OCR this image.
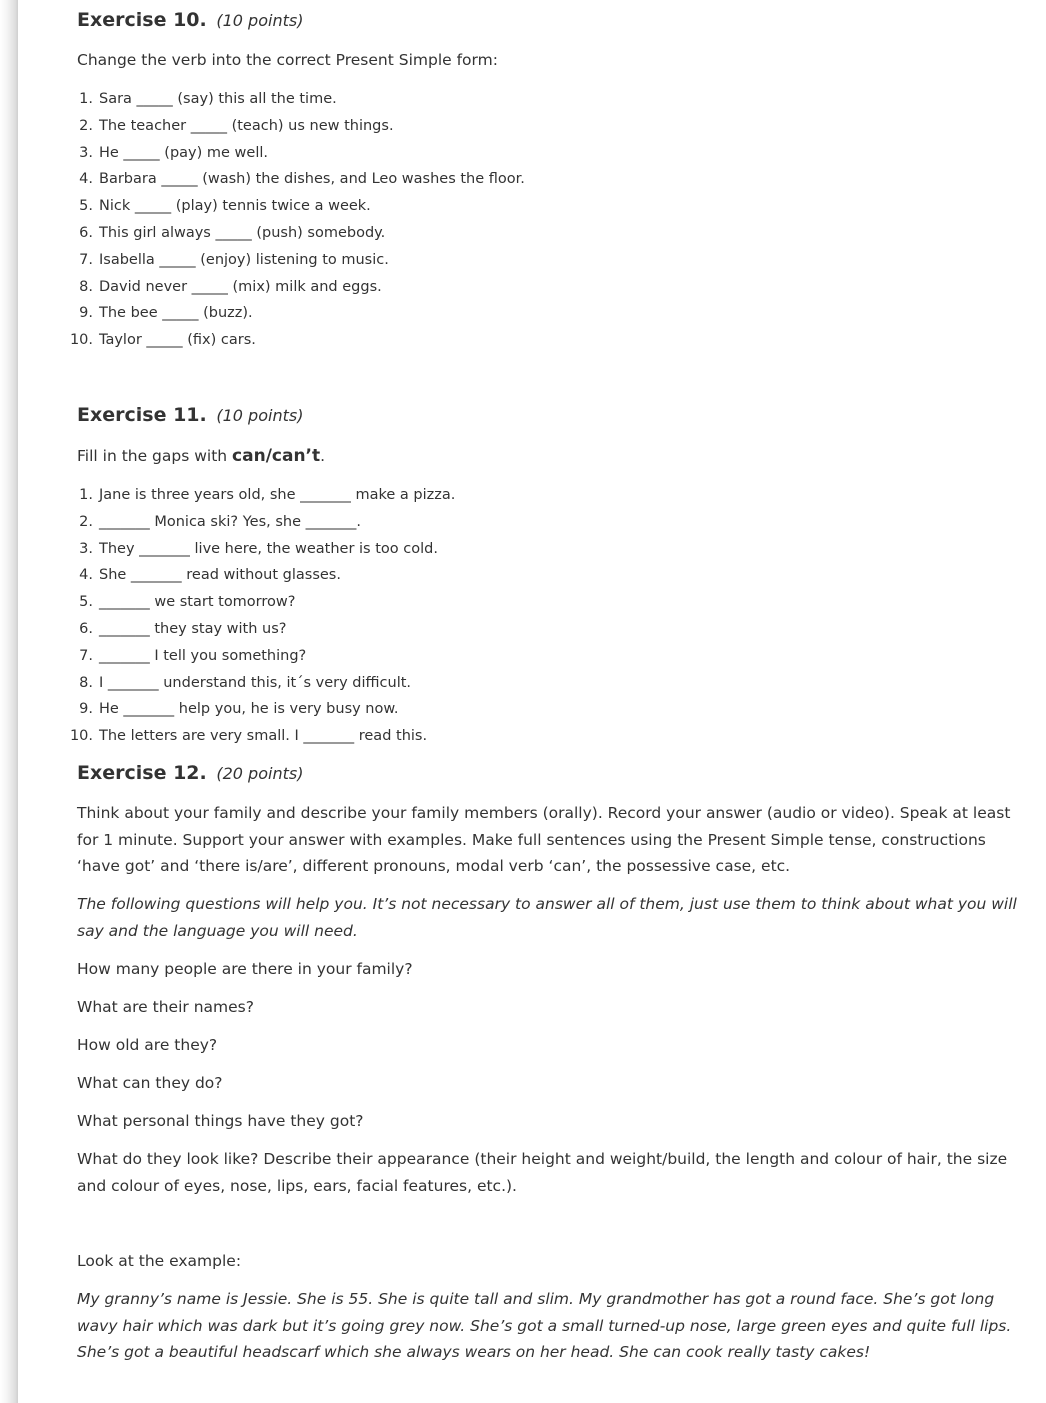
Exercise 10. (10 points)

Change the verb into the correct Present Simple form:

1. Sara _____ (say) this all the time.
2. The teacher _____ (teach) us new things.
3. He _____ (pay) me well.
4. Barbara _____ (wash) the dishes, and Leo washes the floor.
5. Nick _____ (play) tennis twice a week.
6. This girl always _____ (push) somebody.
7. Isabella _____ (enjoy) listening to music.
8. David never _____ (mix) milk and eggs.
9. The bee _____ (buzz).
10. Taylor _____ (fix) cars.
Exercise 11. (10 points)

Fill in the gaps with can/can’t.

1. Jane is three years old, she _______ make a pizza.
2. _______ Monica ski? Yes, she _______.
3. They _______ live here, the weather is too cold.
4. She _______ read without glasses.
5. _______ we start tomorrow?
6. _______ they stay with us?
7. _______ I tell you something?
8. I _______ understand this, it´s very difficult.
9. He _______ help you, he is very busy now.
10. The letters are very small. I _______ read this.
Exercise 12. (20 points)

Think about your family and describe your family members (orally). Record your answer (audio or video). Speak at least for 1 minute. Support your answer with examples. Make full sentences using the Present Simple tense, constructions ‘have got’ and ‘there is/are’, different pronouns, modal verb ‘can’, the possessive case, etc.

The following questions will help you. It’s not necessary to answer all of them, just use them to think about what you will say and the language you will need.

How many people are there in your family?

What are their names?

How old are they?

What can they do?

What personal things have they got?

What do they look like? Describe their appearance (their height and weight/build, the length and colour of hair, the size and colour of eyes, nose, lips, ears, facial features, etc.).

Look at the example:

My granny’s name is Jessie. She is 55. She is quite tall and slim. My grandmother has got a round face. She’s got long wavy hair which was dark but it’s going grey now. She’s got a small turned-up nose, large green eyes and quite full lips. She’s got a beautiful headscarf which she always wears on her head. She can cook really tasty cakes!
